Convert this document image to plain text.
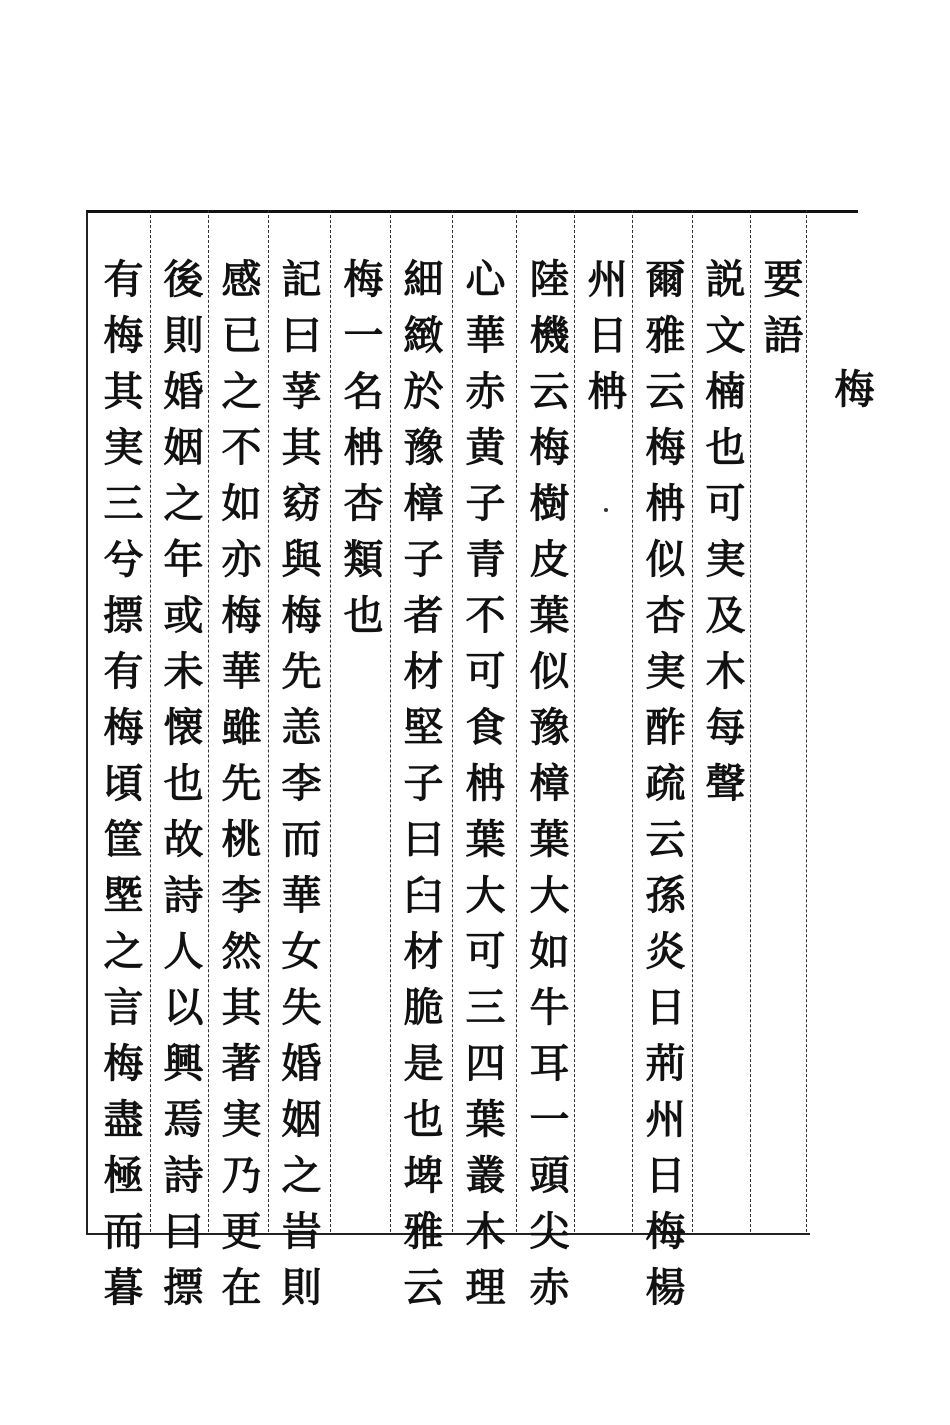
梅
要語
説文楠也可実及木每聲
爾雅云梅柟似杏実酢疏云孫炎日荊州日梅楊
州日柟
陸機云梅樹皮葉似豫樟葉大如牛耳一頭尖赤
心華赤黄子青不可食柟葉大可三四葉叢木理
細緻於豫樟子者材堅子曰臼材脆是也埤雅云
梅一名柟杏類也
記曰莩其窈與梅先恙李而華女失婚姻之旹則
感已之不如亦梅華雖先桃李然其著実乃更在
後則婚姻之年或未懐也故詩人以興焉詩曰摽
有梅其実三兮摽有梅頃筐塈之言梅盡極而暮
